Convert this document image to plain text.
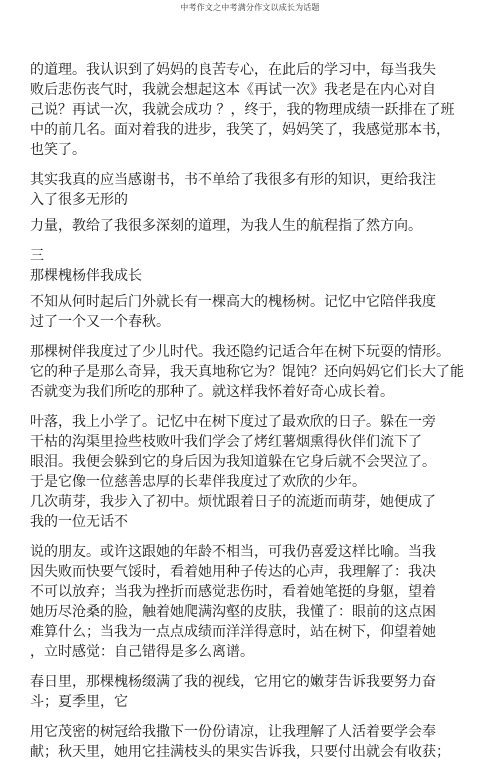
中考作文之中考满分作文以成长为话题
的道理。我认识到了妈妈的良苦专心，在此后的学习中，每当我失
败后悲伤丧气时，我就会想起这本《再试一次》我老是在内心对自
己说？再试一次，我就会成功 ？，终于，我的物理成绩一跃排在了班
中的前几名。面对着我的进步，我笑了，妈妈笑了，我感觉那本书，
也笑了。
其实我真的应当感谢书，书不单给了我很多有形的知识，更给我注
入了很多无形的
力量，教给了我很多深刻的道理，为我人生的航程指了然方向。
三
那棵槐杨伴我成长
不知从何时起后门外就长有一棵高大的槐杨树。记忆中它陪伴我度
过了一个又一个春秋。
那棵树伴我度过了少儿时代。我还隐约记适合年在树下玩耍的情形。
它的种子是那么奇异，我天真地称它为？馄饨？还向妈妈它们长大了能
否就变为我们所吃的那种了。就这样我怀着好奇心成长着。
叶落，我上小学了。记忆中在树下度过了最欢欣的日子。躲在一旁
干枯的沟渠里捡些枝败叶我们学会了烤红薯烟熏得伙伴们流下了
眼泪。我便会躲到它的身后因为我知道躲在它身后就不会哭泣了。
于是它像一位慈善忠厚的长辈伴我度过了欢欣的少年。
几次萌芽，我步入了初中。烦忧跟着日子的流逝而萌芽，她便成了
我的一位无话不
说的朋友。或许这跟她的年龄不相当，可我仍喜爱这样比喻。当我
因失败而快要气馁时，看着她用种子传达的心声，我理解了：我决
不可以放弃；当我为挫折而感觉悲伤时，看着她笔挺的身躯，望着
她历尽沧桑的脸，触着她爬满沟壑的皮肤，我懂了：眼前的这点困
难算什么；当我为一点点成绩而洋洋得意时，站在树下，仰望着她
，立时感觉：自己错得是多么离谱。
春日里，那棵槐杨缀满了我的视线，它用它的嫩芽告诉我要努力奋
斗；夏季里，它
用它茂密的树冠给我撒下一份份请凉，让我理解了人活着要学会奉
献；秋天里，她用它挂满枝头的果实告诉我，只要付出就会有收获；
